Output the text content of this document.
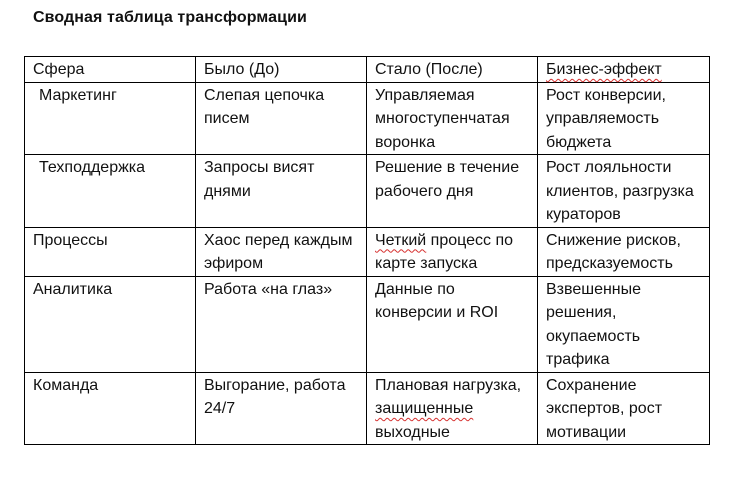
Сводная таблица трансформации
Сфера	Было (До)	Стало (После)	Бизнес-эффект
Маркетинг	Слепая цепочка писем	Управляемая многоступенчатая воронка	Рост конверсии, управляемость бюджета
Техподдержка	Запросы висят днями	Решение в течение рабочего дня	Рост лояльности клиентов, разгрузка кураторов
Процессы	Хаос перед каждым эфиром	Четкий процесс по карте запуска	Снижение рисков, предсказуемость
Аналитика	Работа «на глаз»	Данные по конверсии и ROI	Взвешенные решения, окупаемость трафика
Команда	Выгорание, работа 24/7	Плановая нагрузка, защищенные выходные	Сохранение экспертов, рост мотивации
